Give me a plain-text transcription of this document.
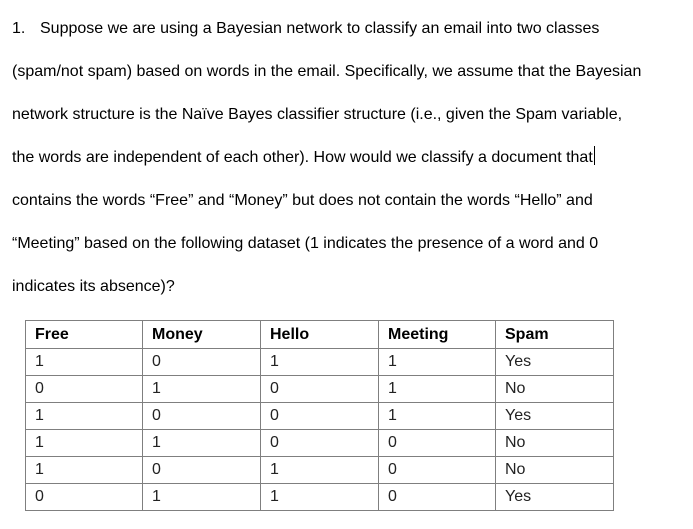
1. Suppose we are using a Bayesian network to classify an email into two classes
(spam/not spam) based on words in the email. Specifically, we assume that the Bayesian
network structure is the Naïve Bayes classifier structure (i.e., given the Spam variable,
the words are independent of each other). How would we classify a document that
contains the words “Free” and “Money” but does not contain the words “Hello” and
“Meeting” based on the following dataset (1 indicates the presence of a word and 0
indicates its absence)?
Free	Money	Hello	Meeting	Spam
1	0	1	1	Yes
0	1	0	1	No
1	0	0	1	Yes
1	1	0	0	No
1	0	1	0	No
0	1	1	0	Yes
